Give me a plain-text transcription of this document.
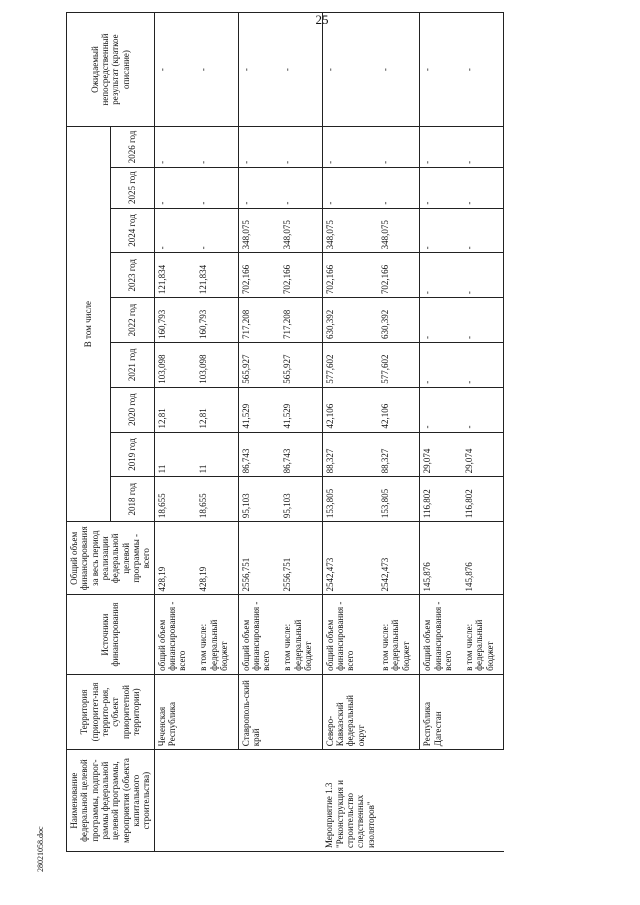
25
Наименование федеральной целевой программы, подпрог-раммы федеральной целевой программы, мероприятия (объекта капитального строительства)	Территория (приоритет-ная террито-рия, субъект приоритетной территории)	Источники финансирования	Общий объем финансирования за весь период реализации федеральной целевой программы - всего	В том числе									Ожидаемый непосредственный результат (краткое описание)
				2018 год	2019 год	2020 год	2021 год	2022 год	2023 год	2024 год	2025 год	2026 год	
	Чеченская Республика	общий объем финансирования - всего	428,19	18,655	11	12,81	103,098	160,793	121,834	-	-	-	-
		в том числе: федеральный бюджет	428,19	18,655	11	12,81	103,098	160,793	121,834	-	-	-	-
	Ставрополь-ский край	общий объем финансирования - всего	2556,751	95,103	86,743	41,529	565,927	717,208	702,166	348,075	-	-	-
		в том числе: федеральный бюджет	2556,751	95,103	86,743	41,529	565,927	717,208	702,166	348,075	-	-	-
Мероприятие 1.3 "Реконструкция и строительство следственных изоляторов"	Северо-Кавказский федеральный округ	общий объем финансирования - всего	2542,473	153,805	88,327	42,106	577,602	630,392	702,166	348,075	-	-	-
		в том числе: федеральный бюджет	2542,473	153,805	88,327	42,106	577,602	630,392	702,166	348,075	-	-	-
	Республика Дагестан	общий объем финансирования - всего	145,876	116,802	29,074	-	-	-	-	-	-	-	-
		в том числе: федеральный бюджет	145,876	116,802	29,074	-	-	-	-	-	-	-	-
28021058.doc
